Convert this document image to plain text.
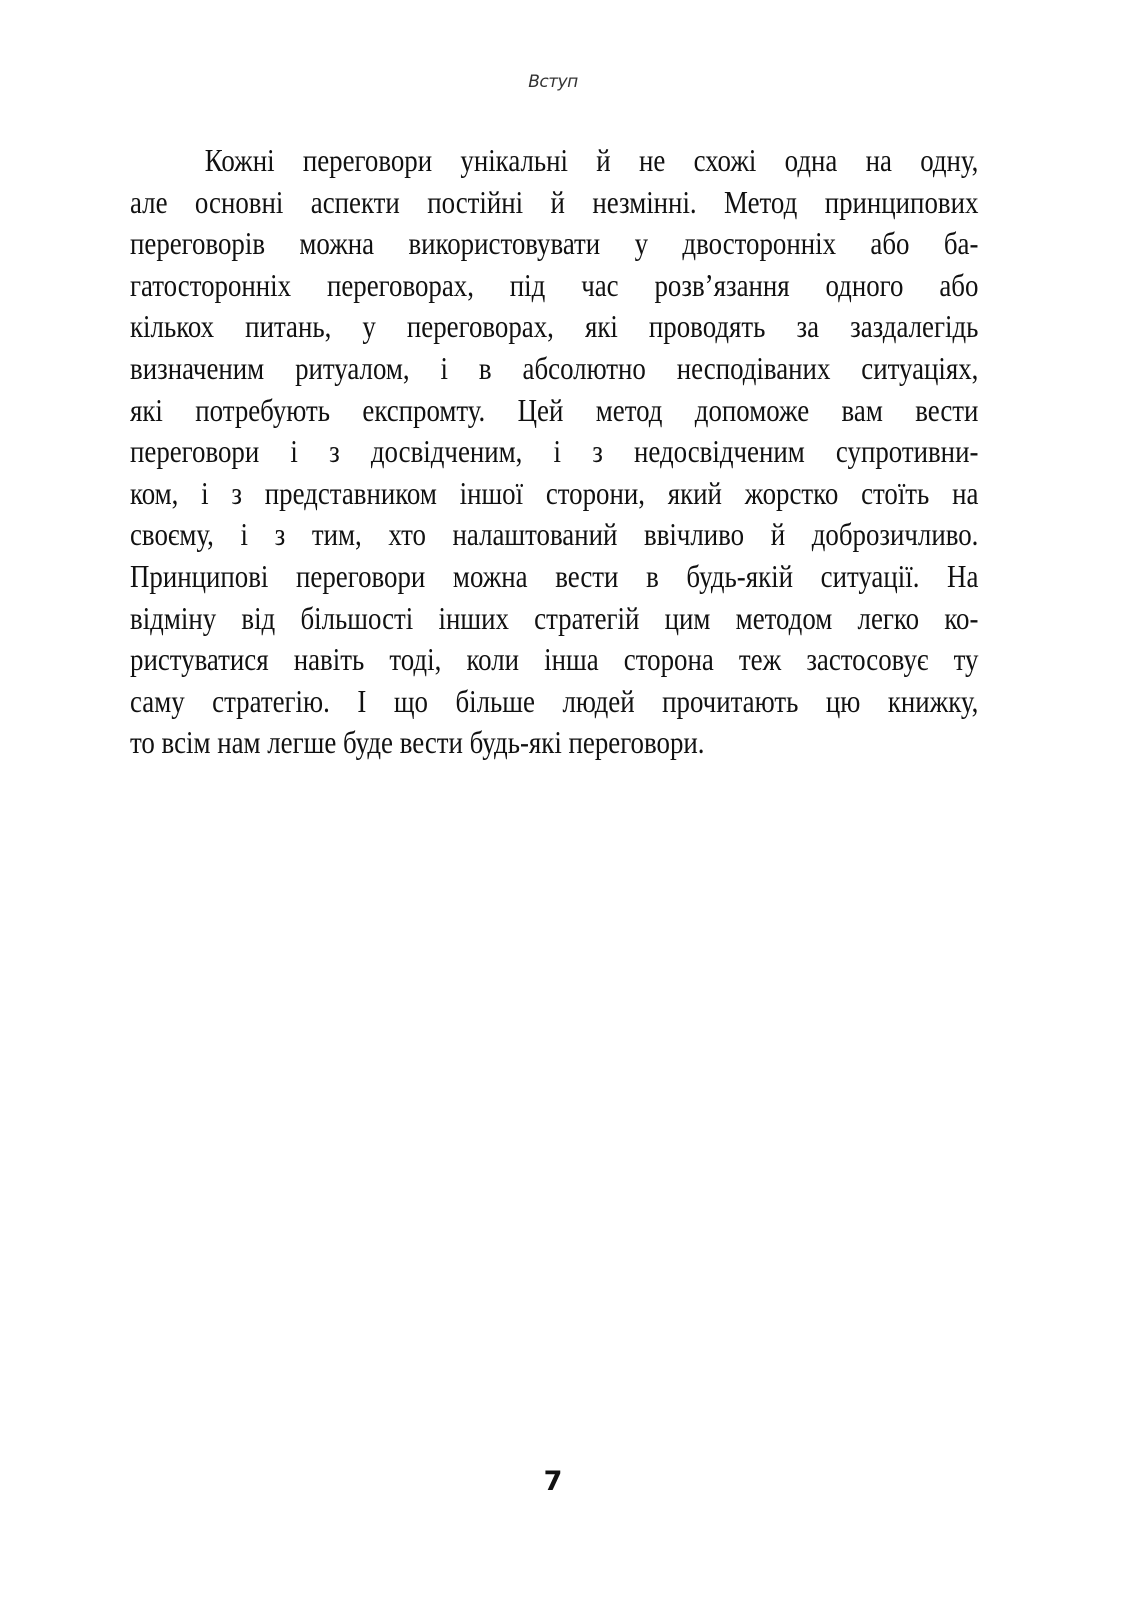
Вступ
Кожні переговори унікальні й не схожі одна на одну,
але основні аспекти постійні й незмінні. Метод принципових
переговорів можна використовувати у двосторонніх або ба-
гатосторонніх переговорах, під час розв’язання одного або
кількох питань, у переговорах, які проводять за заздалегідь
визначеним ритуалом, і в абсолютно несподіваних ситуаціях,
які потребують експромту. Цей метод допоможе вам вести
переговори і з досвідченим, і з недосвідченим супротивни-
ком, і з представником іншої сторони, який жорстко стоїть на
своєму, і з тим, хто налаштований ввічливо й доброзичливо.
Принципові переговори можна вести в будь-якій ситуації. На
відміну від більшості інших стратегій цим методом легко ко-
ристуватися навіть тоді, коли інша сторона теж застосовує ту
саму стратегію. І що більше людей прочитають цю книжку,
то всім нам легше буде вести будь-які переговори.
7
